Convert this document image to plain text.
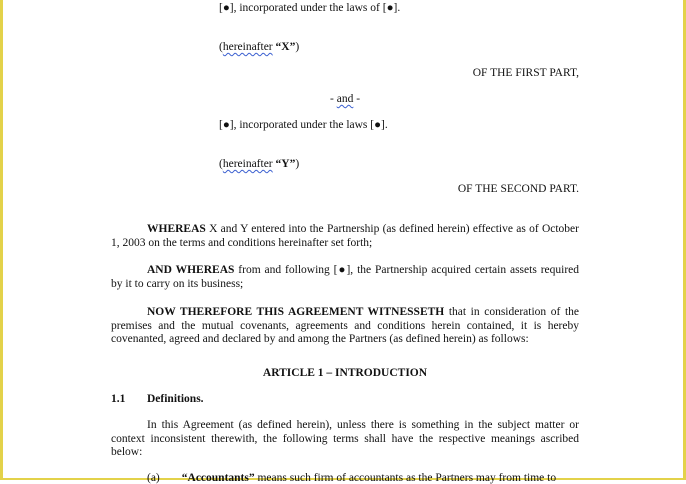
[●], incorporated under the laws of [●].
(hereinafter “X”)
OF THE FIRST PART,
- and -
[●], incorporated under the laws [●].
(hereinafter “Y”)
OF THE SECOND PART.
WHEREAS X and Y entered into the Partnership (as defined herein) effective as of October 1, 2003 on the terms and conditions hereinafter set forth;
AND WHEREAS from and following [●], the Partnership acquired certain assets required by it to carry on its business;
NOW THEREFORE THIS AGREEMENT WITNESSETH that in consideration of the premises and the mutual covenants, agreements and conditions herein contained, it is hereby covenanted, agreed and declared by and among the Partners (as defined herein) as follows:
ARTICLE 1 – INTRODUCTION
1.1 Definitions.
In this Agreement (as defined herein), unless there is something in the subject matter or context inconsistent therewith, the following terms shall have the respective meanings ascribed below:
(a) “Accountants” means such firm of accountants as the Partners may from time to
